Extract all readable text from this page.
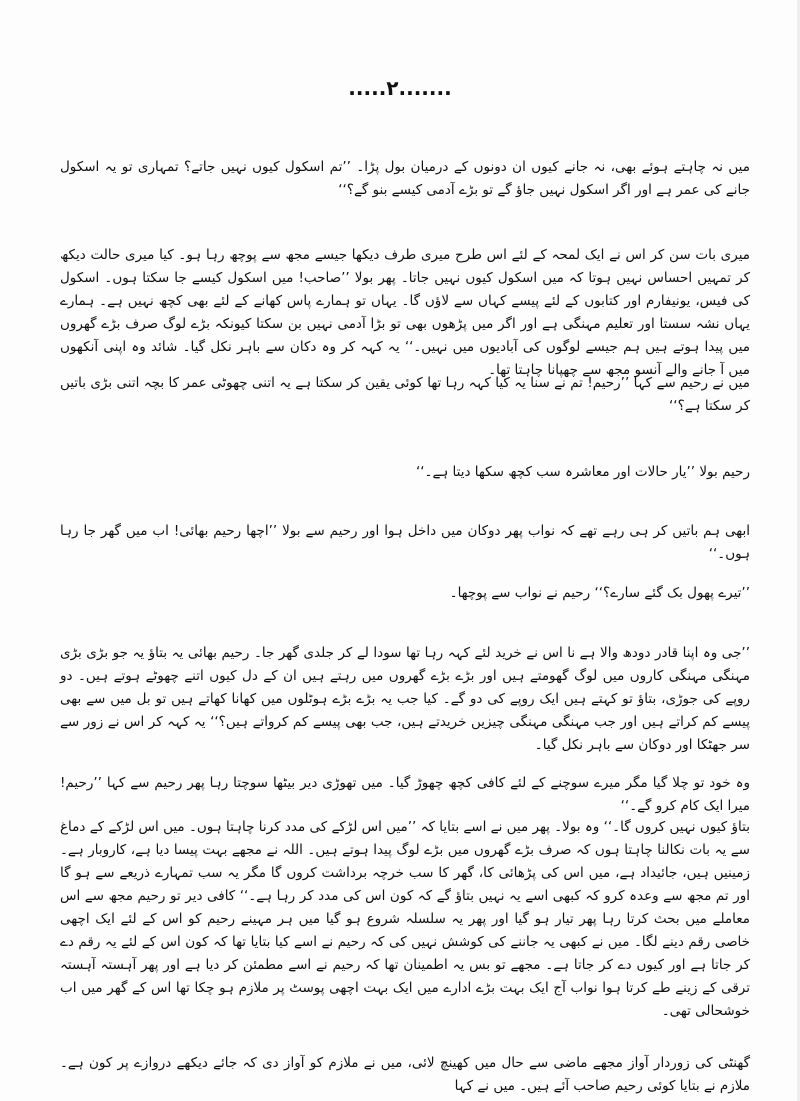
.....۲.......

میں نہ چاہتے ہوئے بھی، نہ جانے کیوں ان دونوں کے درمیان بول پڑا۔ ’’تم اسکول کیوں نہیں جاتے؟ تمہاری تو یہ اسکول جانے کی عمر ہے اور اگر اسکول نہیں جاؤ گے تو بڑے آدمی کیسے بنو گے؟‘‘

میری بات سن کر اس نے ایک لمحہ کے لئے اس طرح میری طرف دیکھا جیسے مجھ سے پوچھ رہا ہو۔ کیا میری حالت دیکھ کر تمہیں احساس نہیں ہوتا کہ میں اسکول کیوں نہیں جاتا۔ پھر بولا ’’صاحب! میں اسکول کیسے جا سکتا ہوں۔ اسکول کی فیس، یونیفارم اور کتابوں کے لئے پیسے کہاں سے لاؤں گا۔ یہاں تو ہمارے پاس کھانے کے لئے بھی کچھ نہیں ہے۔ ہمارے یہاں نشہ سستا اور تعلیم مہنگی ہے اور اگر میں پڑھوں بھی تو بڑا آدمی نہیں بن سکتا کیونکہ بڑے لوگ صرف بڑے گھروں میں پیدا ہوتے ہیں ہم جیسے لوگوں کی آبادیوں میں نہیں۔‘‘ یہ کہہ کر وہ دکان سے باہر نکل گیا۔ شائد وہ اپنی آنکھوں میں آ جانے والے آنسو مجھ سے چھپانا چاہتا تھا۔

میں نے رحیم سے کہا ’’رحیم! تم نے سنا یہ کیا کہہ رہا تھا کوئی یقین کر سکتا ہے یہ اتنی چھوٹی عمر کا بچہ اتنی بڑی باتیں کر سکتا ہے؟‘‘

رحیم بولا ’’یار حالات اور معاشرہ سب کچھ سکھا دیتا ہے۔‘‘

ابھی ہم باتیں کر ہی رہے تھے کہ نواب پھر دوکان میں داخل ہوا اور رحیم سے بولا ’’اچھا رحیم بھائی! اب میں گھر جا رہا ہوں۔‘‘

’’تیرے پھول بک گئے سارے؟‘‘ رحیم نے نواب سے پوچھا۔

’’جی وہ اپنا قادر دودھ والا ہے نا اس نے خرید لئے کہہ رہا تھا سودا لے کر جلدی گھر جا۔ رحیم بھائی یہ بتاؤ یہ جو بڑی بڑی مہنگی مہنگی کاروں میں لوگ گھومتے ہیں اور بڑے بڑے گھروں میں رہتے ہیں ان کے دل کیوں اتنے چھوٹے ہوتے ہیں۔ دو روپے کی جوڑی، بتاؤ تو کہتے ہیں ایک روپے کی دو گے۔ کیا جب یہ بڑے بڑے ہوٹلوں میں کھانا کھاتے ہیں تو بل میں سے بھی پیسے کم کراتے ہیں اور جب مہنگی مہنگی چیزیں خریدتے ہیں، جب بھی پیسے کم کرواتے ہیں؟‘‘ یہ کہہ کر اس نے زور سے سر جھٹکا اور دوکان سے باہر نکل گیا۔

وہ خود تو چلا گیا مگر میرے سوچنے کے لئے کافی کچھ چھوڑ گیا۔ میں تھوڑی دیر بیٹھا سوچتا رہا پھر رحیم سے کہا ’’رحیم! میرا ایک کام کرو گے۔‘‘

بتاؤ کیوں نہیں کروں گا۔‘‘ وہ بولا۔ پھر میں نے اسے بتایا کہ ’’میں اس لڑکے کی مدد کرنا چاہتا ہوں۔ میں اس لڑکے کے دماغ سے یہ بات نکالنا چاہتا ہوں کہ صرف بڑے گھروں میں بڑے لوگ پیدا ہوتے ہیں۔ اللہ نے مجھے بہت پیسا دیا ہے، کاروبار ہے۔ زمینیں ہیں، جائیداد ہے، میں اس کی پڑھائی کا، گھر کا سب خرچہ برداشت کروں گا مگر یہ سب تمہارے ذریعے سے ہو گا اور تم مجھ سے وعدہ کرو کہ کبھی اسے یہ نہیں بتاؤ گے کہ کون اس کی مدد کر رہا ہے۔‘‘ کافی دیر تو رحیم مجھ سے اس معاملے میں بحث کرتا رہا پھر تیار ہو گیا اور پھر یہ سلسلہ شروع ہو گیا میں ہر مہینے رحیم کو اس کے لئے ایک اچھی خاصی رقم دینے لگا۔ میں نے کبھی یہ جاننے کی کوشش نہیں کی کہ رحیم نے اسے کیا بتایا تھا کہ کون اس کے لئے یہ رقم دے کر جاتا ہے اور کیوں دے کر جاتا ہے۔ مجھے تو بس یہ اطمینان تھا کہ رحیم نے اسے مطمئن کر دیا ہے اور پھر آہستہ آہستہ ترقی کے زینے طے کرتا ہوا نواب آج ایک بہت بڑے ادارے میں ایک بہت اچھی پوسٹ پر ملازم ہو چکا تھا اس کے گھر میں اب خوشحالی تھی۔

گھنٹی کی زوردار آواز مجھے ماضی سے حال میں کھینچ لائی، میں نے ملازم کو آواز دی کہ جائے دیکھے دروازے پر کون ہے۔ ملازم نے بتایا کوئی رحیم صاحب آئے ہیں۔ میں نے کہا
